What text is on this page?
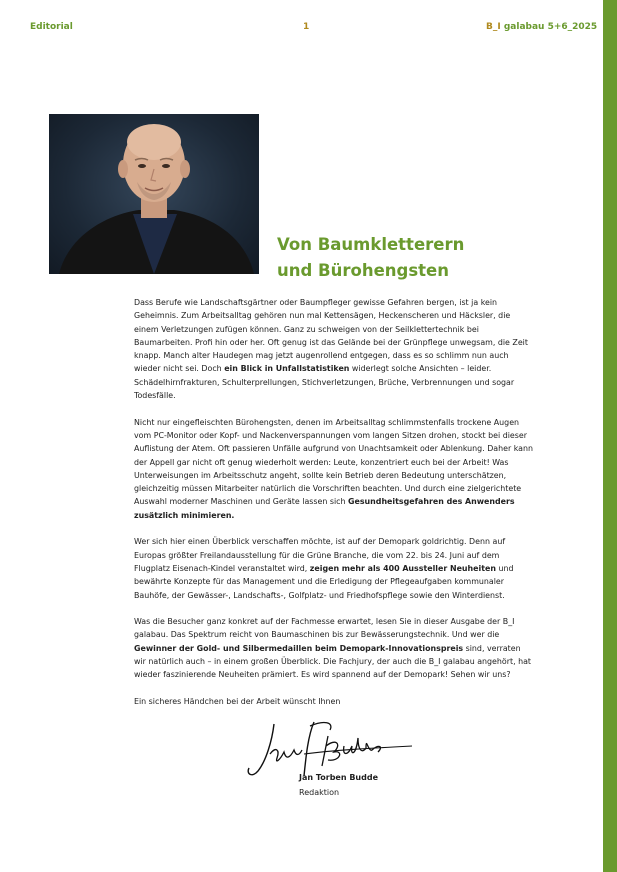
Editorial	1	B_I galabau 5+6_2025
Von Baumkletterern
und Bürohengsten

Dass Berufe wie Landschaftsgärtner oder Baumpfleger gewisse Gefahren bergen, ist ja kein Geheimnis. Zum Arbeitsalltag gehören nun mal Kettensägen, Heckenscheren und Häcksler, die einem Verletzungen zufügen können. Ganz zu schweigen von der Seilklettertechnik bei Baumarbeiten. Profi hin oder her. Oft genug ist das Gelände bei der Grünpflege unwegsam, die Zeit knapp. Manch alter Haudegen mag jetzt augenrollend entgegen, dass es so schlimm nun auch wieder nicht sei. Doch ein Blick in Unfallstatistiken widerlegt solche Ansichten – leider. Schädelhirnfrakturen, Schulterprellungen, Stichverletzungen, Brüche, Verbrennungen und sogar Todesfälle.

Nicht nur eingefleischten Bürohengsten, denen im Arbeitsalltag schlimmstenfalls trockene Augen vom PC-Monitor oder Kopf- und Nackenverspannungen vom langen Sitzen drohen, stockt bei dieser Auflistung der Atem. Oft passieren Unfälle aufgrund von Unachtsamkeit oder Ablenkung. Daher kann der Appell gar nicht oft genug wiederholt werden: Leute, konzentriert euch bei der Arbeit! Was Unterweisungen im Arbeitsschutz angeht, sollte kein Betrieb deren Bedeutung unterschätzen, gleichzeitig müssen Mitarbeiter natürlich die Vorschriften beachten. Und durch eine zielgerichtete Auswahl moderner Maschinen und Geräte lassen sich Gesundheitsgefahren des Anwenders zusätzlich minimieren.

Wer sich hier einen Überblick verschaffen möchte, ist auf der Demopark goldrichtig. Denn auf Europas größter Freilandausstellung für die Grüne Branche, die vom 22. bis 24. Juni auf dem Flugplatz Eisenach-Kindel veranstaltet wird, zeigen mehr als 400 Aussteller Neuheiten und bewährte Konzepte für das Management und die Erledigung der Pflegeaufgaben kommunaler Bauhöfe, der Gewässer-, Landschafts-, Golfplatz- und Friedhofspflege sowie den Winterdienst.

Was die Besucher ganz konkret auf der Fachmesse erwartet, lesen Sie in dieser Ausgabe der B_I galabau. Das Spektrum reicht von Baumaschinen bis zur Bewässerungstechnik. Und wer die Gewinner der Gold- und Silbermedaillen beim Demopark-Innovationspreis sind, verraten wir natürlich auch – in einem großen Überblick. Die Fachjury, der auch die B_I galabau angehört, hat wieder faszinierende Neuheiten prämiert. Es wird spannend auf der Demopark! Sehen wir uns?

Ein sicheres Händchen bei der Arbeit wünscht Ihnen

Jan Torben Budde
Redaktion
